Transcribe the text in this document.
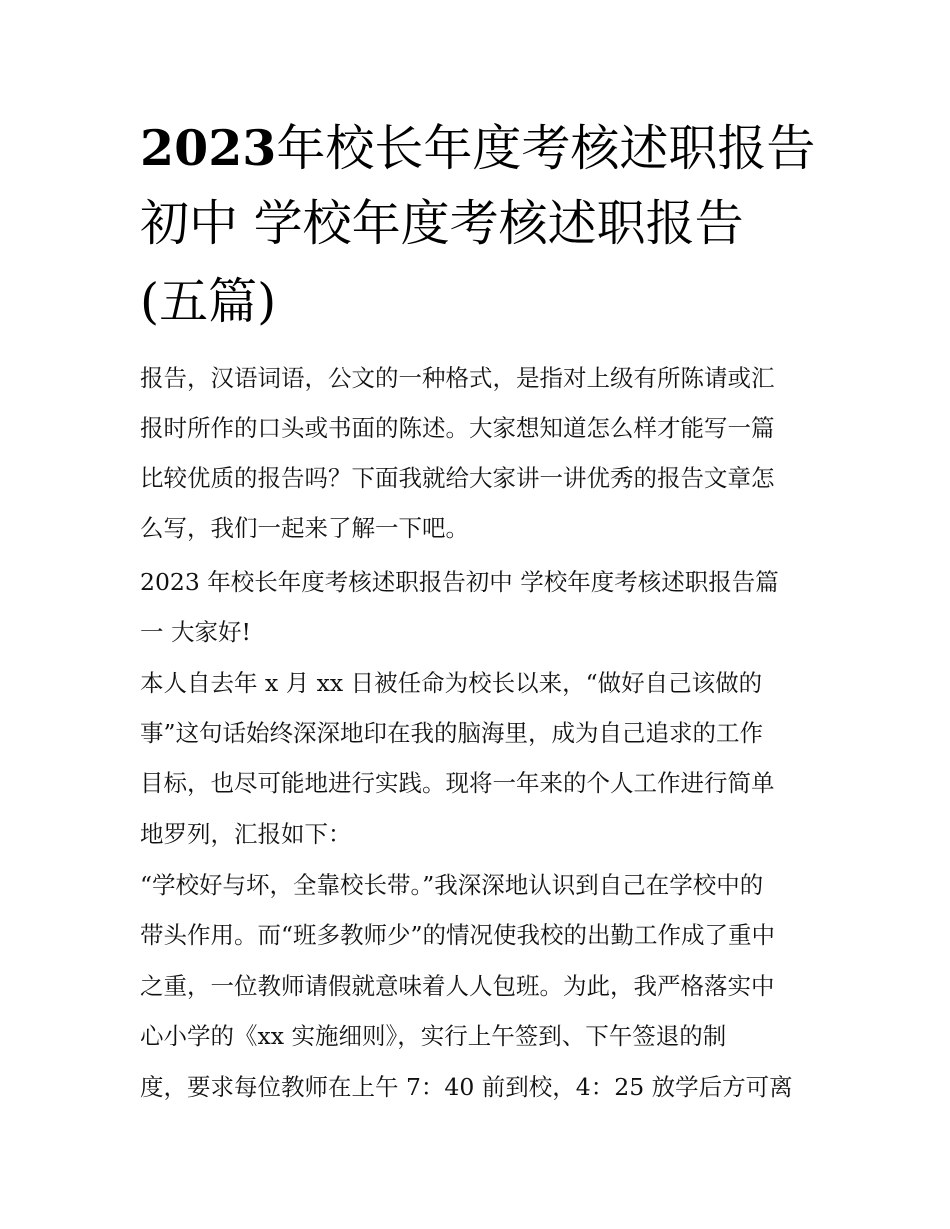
2023年校长年度考核述职报告
初中 学校年度考核述职报告
(五篇)
报告，汉语词语，公文的一种格式，是指对上级有所陈请或汇
报时所作的口头或书面的陈述。大家想知道怎么样才能写一篇
比较优质的报告吗？下面我就给大家讲一讲优秀的报告文章怎
么写，我们一起来了解一下吧。
2023 年校长年度考核述职报告初中 学校年度考核述职报告篇
一 大家好!
本人自去年 x 月 xx 日被任命为校长以来，“做好自己该做的
事”这句话始终深深地印在我的脑海里，成为自己追求的工作
目标，也尽可能地进行实践。现将一年来的个人工作进行简单
地罗列，汇报如下：
“学校好与坏，全靠校长带。”我深深地认识到自己在学校中的
带头作用。而“班多教师少”的情况使我校的出勤工作成了重中
之重，一位教师请假就意味着人人包班。为此，我严格落实中
心小学的《xx 实施细则》，实行上午签到、下午签退的制
度，要求每位教师在上午 7：40 前到校，4：25 放学后方可离
